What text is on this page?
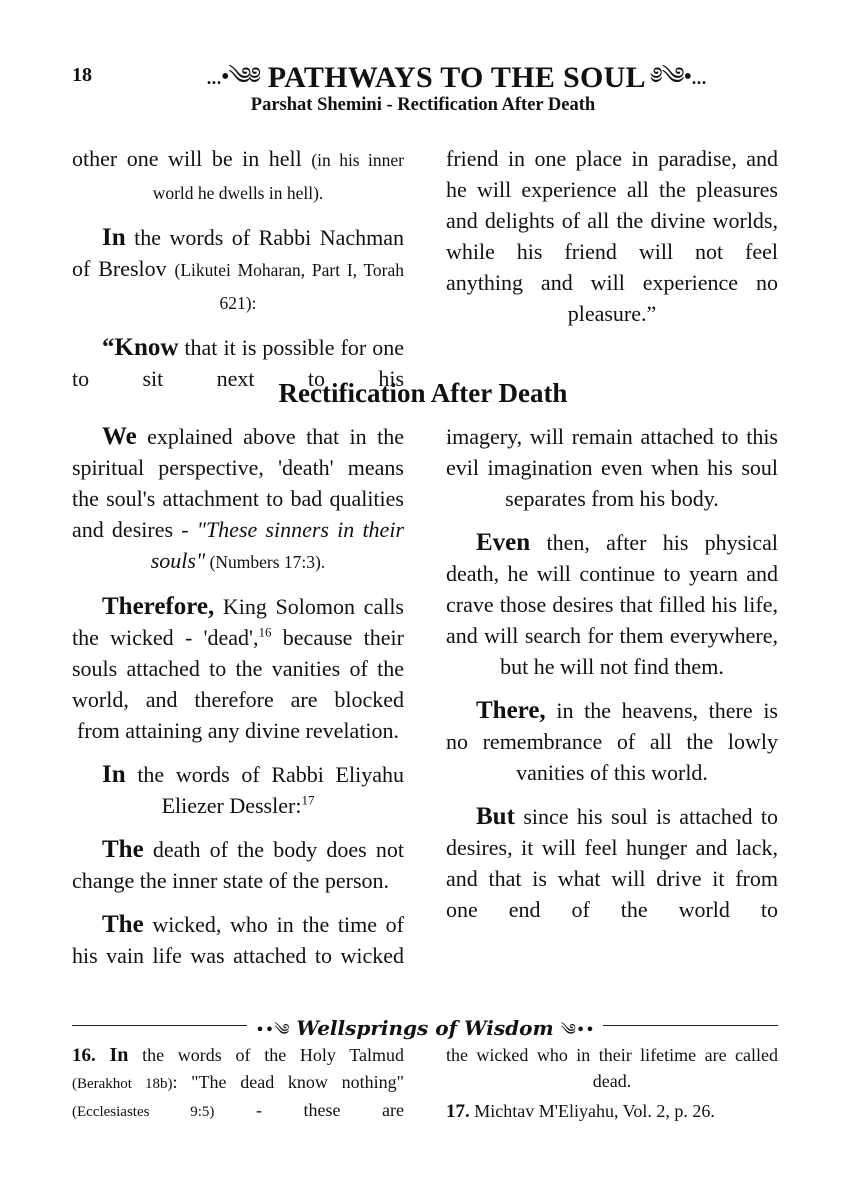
18	...•༄༅ PATHWAYS TO THE SOUL ༅༄•...
Parshat Shemini - Rectification After Death

other one will be in hell (in his inner world he dwells in hell).

In the words of Rabbi Nachman of Breslov (Likutei Moharan, Part I, Torah 621):

“Know that it is possible for one to sit next to his

friend in one place in paradise, and he will experience all the pleasures and delights of all the divine worlds, while his friend will not feel anything and will experience no pleasure.”

Rectification After Death

We explained above that in the spiritual perspective, 'death' means the soul's attachment to bad qualities and desires - "These sinners in their souls" (Numbers 17:3).

Therefore, King Solomon calls the wicked - 'dead',$^{16}$ because their souls attached to the vanities of the world, and therefore are blocked from attaining any divine revelation.

In the words of Rabbi Eliyahu Eliezer Dessler:$^{17}$

The death of the body does not change the inner state of the person.

The wicked, who in the time of his vain life was attached to wicked

imagery, will remain attached to this evil imagination even when his soul separates from his body.

Even then, after his physical death, he will continue to yearn and crave those desires that filled his life, and will search for them everywhere, but he will not find them.

There, in the heavens, there is no remembrance of all the lowly vanities of this world.

But since his soul is attached to desires, it will feel hunger and lack, and that is what will drive it from one end of the world to

••༄ Wellsprings of Wisdom ༄••

16. In the words of the Holy Talmud (Berakhot 18b): "The dead know nothing" (Ecclesiastes 9:5) - these are

the wicked who in their lifetime are called dead.

17. Michtav M'Eliyahu, Vol. 2, p. 26.
